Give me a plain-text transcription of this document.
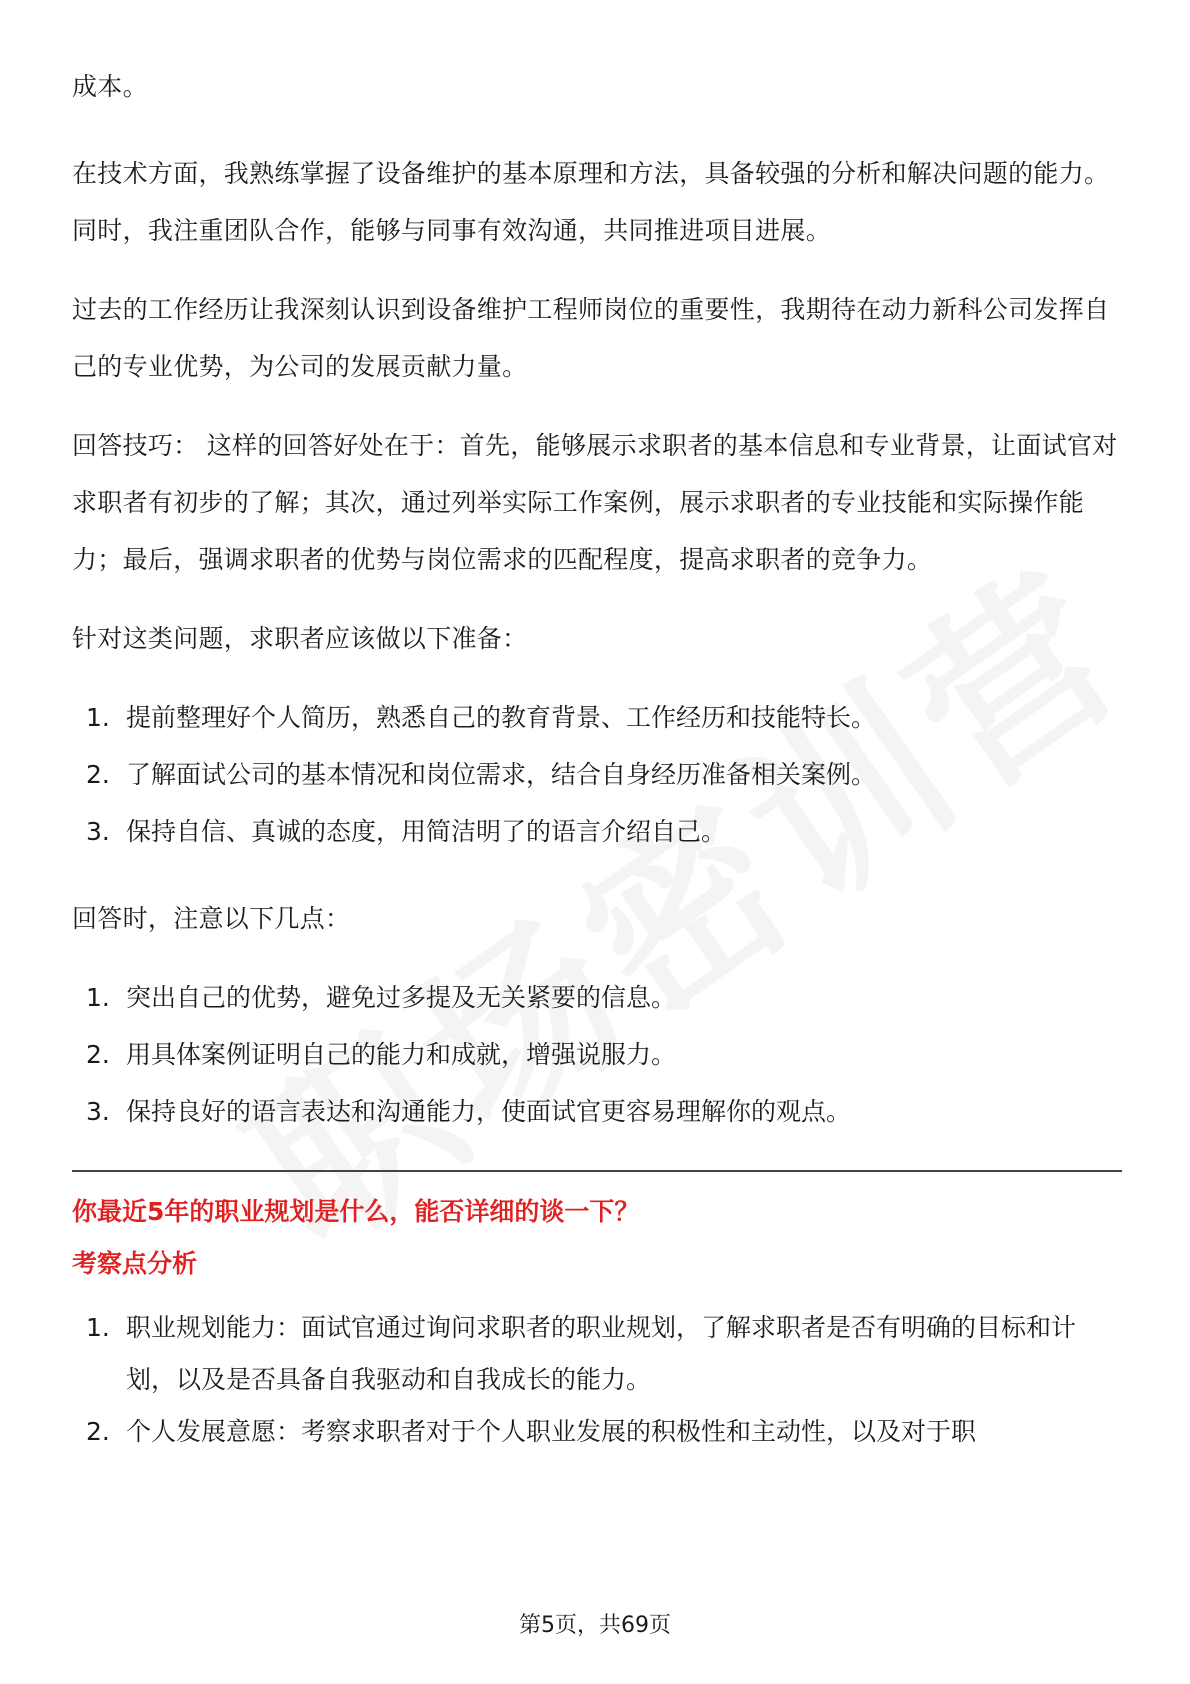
成本。

在技术方面，我熟练掌握了设备维护的基本原理和方法，具备较强的分析和解决问题的能力。同时，我注重团队合作，能够与同事有效沟通，共同推进项目进展。

过去的工作经历让我深刻认识到设备维护工程师岗位的重要性，我期待在动力新科公司发挥自己的专业优势，为公司的发展贡献力量。

回答技巧： 这样的回答好处在于：首先，能够展示求职者的基本信息和专业背景，让面试官对求职者有初步的了解；其次，通过列举实际工作案例，展示求职者的专业技能和实际操作能力；最后，强调求职者的优势与岗位需求的匹配程度，提高求职者的竞争力。

针对这类问题，求职者应该做以下准备：

1. 提前整理好个人简历，熟悉自己的教育背景、工作经历和技能特长。
2. 了解面试公司的基本情况和岗位需求，结合自身经历准备相关案例。
3. 保持自信、真诚的态度，用简洁明了的语言介绍自己。

回答时，注意以下几点：

1. 突出自己的优势，避免过多提及无关紧要的信息。
2. 用具体案例证明自己的能力和成就，增强说服力。
3. 保持良好的语言表达和沟通能力，使面试官更容易理解你的观点。
你最近5年的职业规划是什么，能否详细的谈一下？
考察点分析
1. 职业规划能力：面试官通过询问求职者的职业规划，了解求职者是否有明确的目标和计划，以及是否具备自我驱动和自我成长的能力。
2. 个人发展意愿：考察求职者对于个人职业发展的积极性和主动性，以及对于职
第5页，共69页
